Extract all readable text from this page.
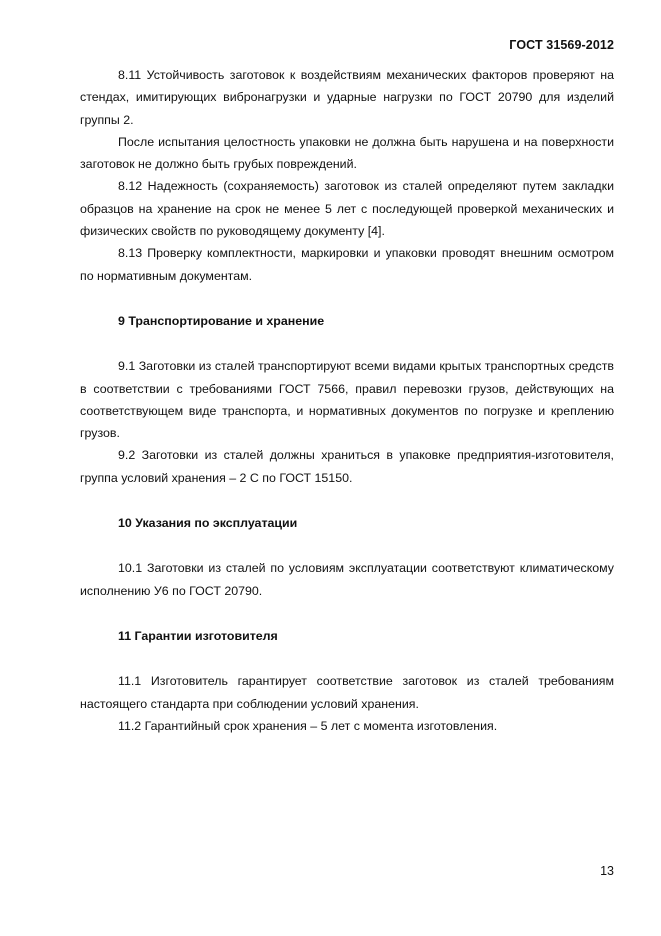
ГОСТ 31569-2012

8.11 Устойчивость заготовок к воздействиям механических факторов проверяют на стендах, имитирующих вибронагрузки и ударные нагрузки по ГОСТ 20790 для изделий группы 2.

После испытания целостность упаковки не должна быть нарушена и на поверхности заготовок не должно быть грубых повреждений.

8.12 Надежность (сохраняемость) заготовок из сталей определяют путем закладки образцов на хранение на срок не менее 5 лет с последующей проверкой механических и физических свойств по руководящему документу [4].

8.13 Проверку комплектности, маркировки и упаковки проводят внешним осмотром по нормативным документам.

9 Транспортирование и хранение

9.1 Заготовки из сталей транспортируют всеми видами крытых транспортных средств в соответствии с требованиями ГОСТ 7566, правил перевозки грузов, действующих на соответствующем виде транспорта, и нормативных документов по погрузке и креплению грузов.

9.2 Заготовки из сталей должны храниться в упаковке предприятия-изготовителя, группа условий хранения – 2 С по ГОСТ 15150.

10 Указания по эксплуатации

10.1 Заготовки из сталей по условиям эксплуатации соответствуют климатическому исполнению У6 по ГОСТ 20790.

11 Гарантии изготовителя

11.1 Изготовитель гарантирует соответствие заготовок из сталей требованиям настоящего стандарта при соблюдении условий хранения.

11.2 Гарантийный срок хранения – 5 лет с момента изготовления.

13
